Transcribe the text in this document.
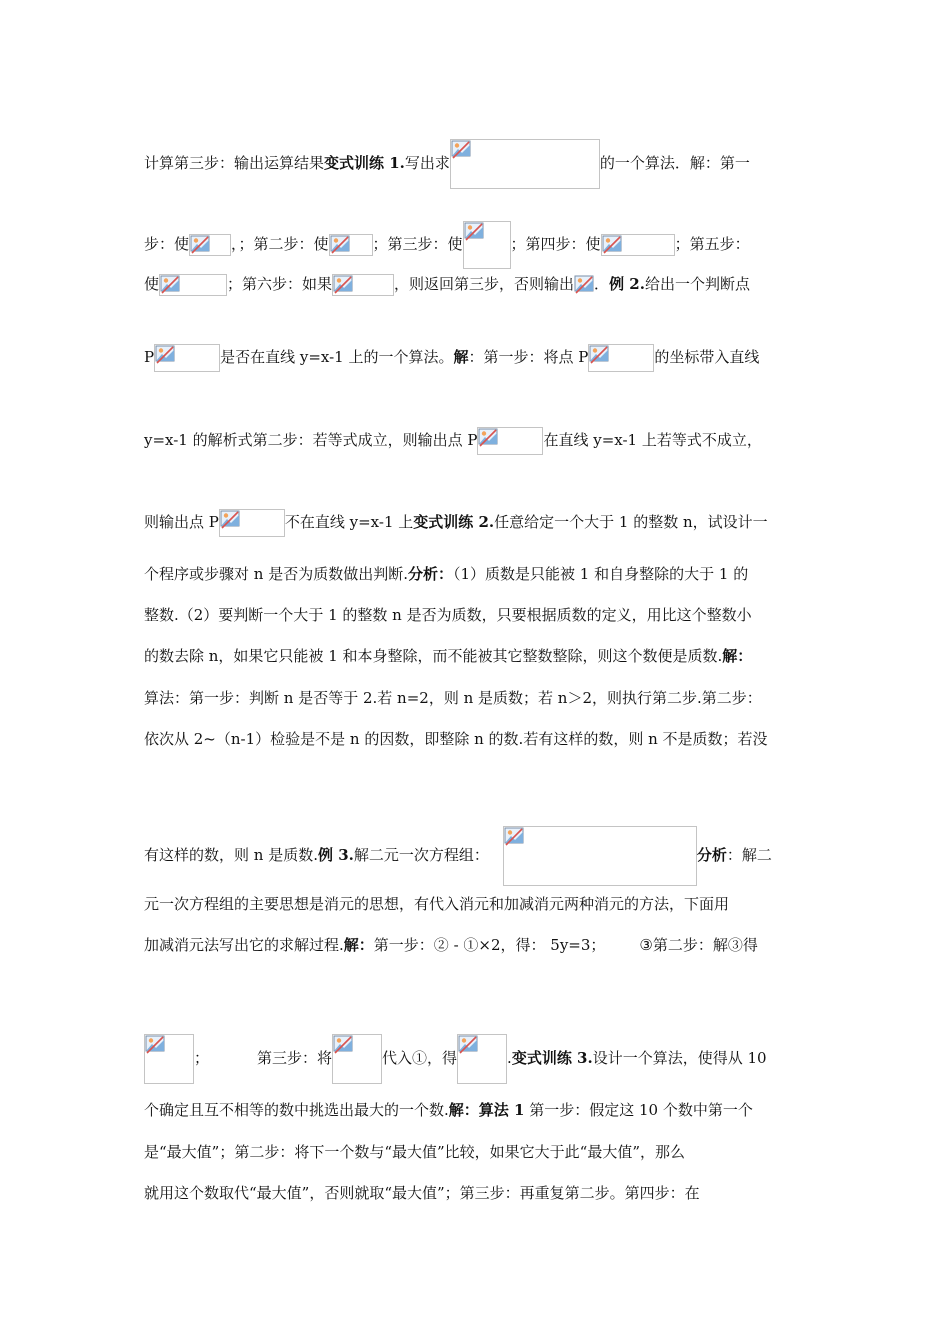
计算第三步：输出运算结果变式训练 1.写出求	的一个算法．解：第一
步：使	，；第二步：使	；第三步：使	；第四步：使	；第五步：
使	；第六步：如果	，则返回第三步，否则输出 ．例 2.给出一个判断点
P	是否在直线 y=x-1 上的一个算法。解：第一步：将点 P	的坐标带入直线
y=x-1 的解析式第二步：若等式成立，则输出点 P	在直线 y=x-1 上若等式不成立，
则输出点 P	不在直线 y=x-1 上变式训练 2.任意给定一个大于 1 的整数 n，试设计一
个程序或步骤对 n 是否为质数做出判断.分析：（1）质数是只能被 1 和自身整除的大于 1 的
整数.（2）要判断一个大于 1 的整数 n 是否为质数，只要根据质数的定义，用比这个整数小
的数去除 n，如果它只能被 1 和本身整除，而不能被其它整数整除，则这个数便是质数.解：
算法：第一步：判断 n 是否等于 2.若 n=2，则 n 是质数；若 n＞2，则执行第二步.第二步：
依次从 2~（n-1）检验是不是 n 的因数，即整除 n 的数.若有这样的数，则 n 不是质数；若没
有这样的数，则 n 是质数.例 3.解二元一次方程组：	分析：解二
元一次方程组的主要思想是消元的思想，有代入消元和加减消元两种消元的方法，下面用
加减消元法写出它的求解过程.解：第一步：② - ①×2，得： 5y=3； ③第二步：解③得
；	第三步：将	代入①，得	.变式训练 3.设计一个算法，使得从 10
个确定且互不相等的数中挑选出最大的一个数.解：算法 1 第一步：假定这 10 个数中第一个
是“最大值”；第二步：将下一个数与“最大值”比较，如果它大于此“最大值”，那么
就用这个数取代“最大值”，否则就取“最大值”；第三步：再重复第二步。第四步：在
